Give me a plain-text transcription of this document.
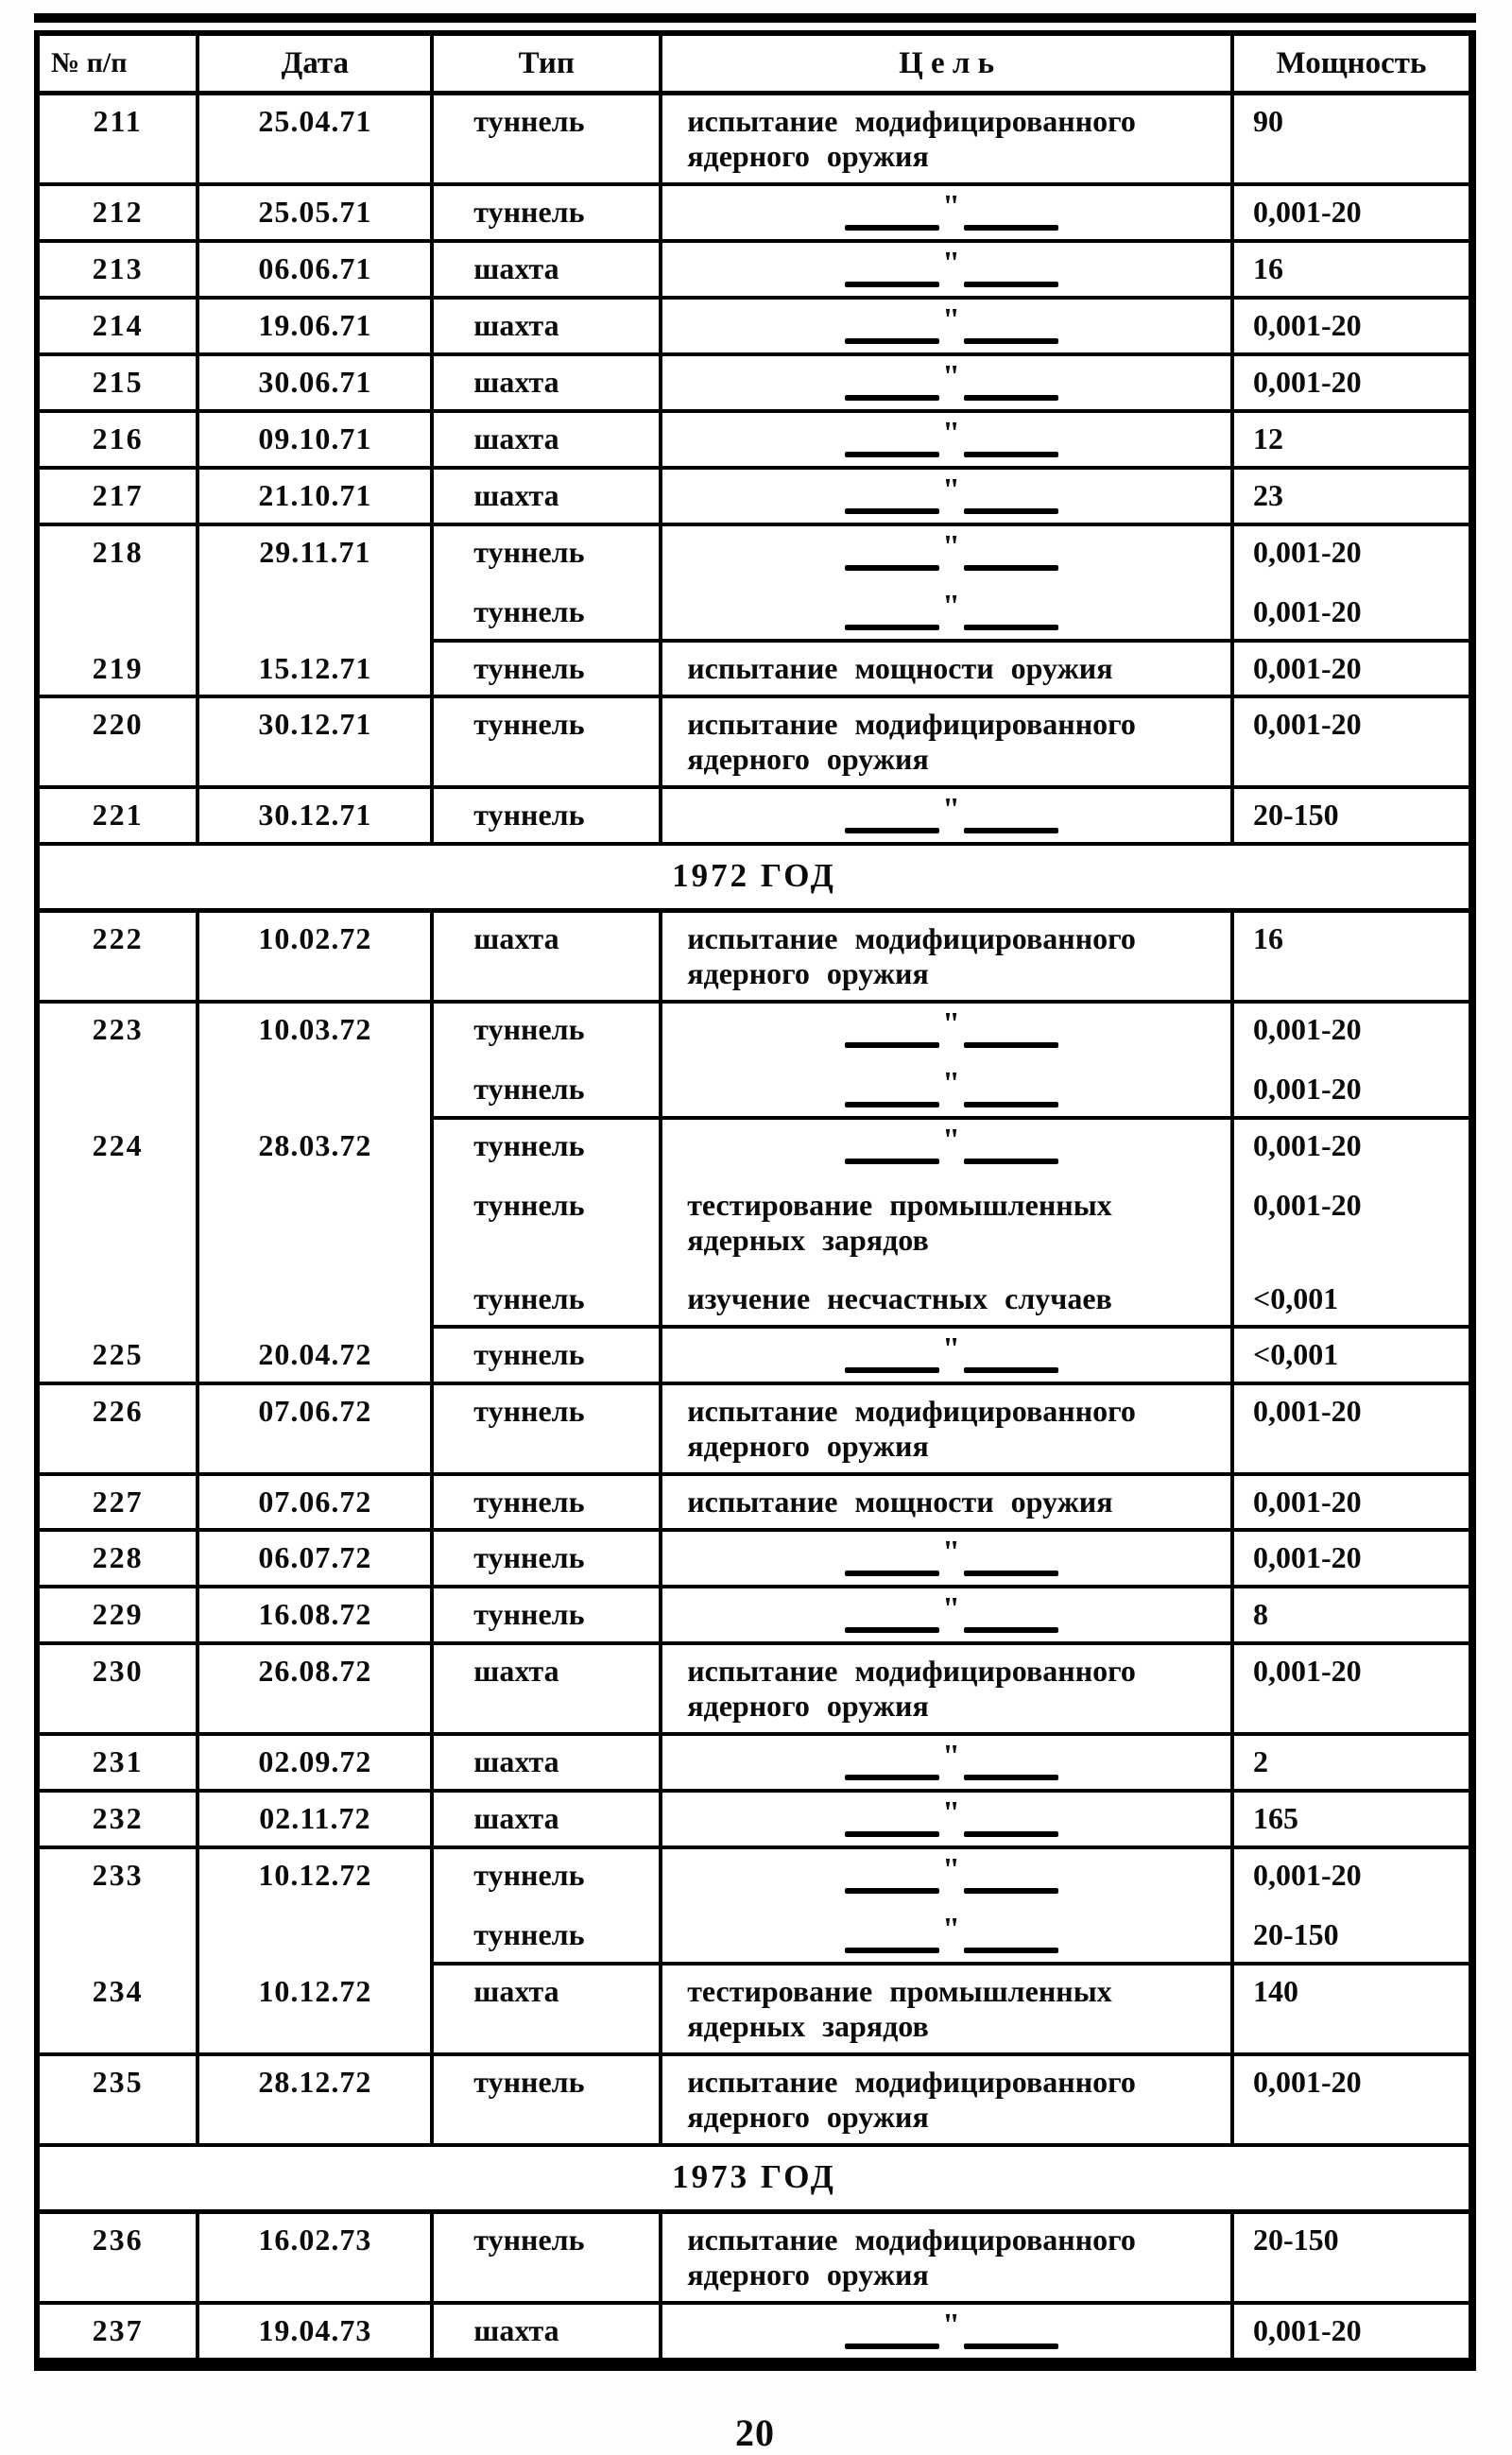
№ п/п	Дата	Тип	Ц е л ь	Мощность
211	25.04.71	туннель	испытание модифицированного ядерного оружия	90
212	25.05.71	туннель	"	0,001-20
213	06.06.71	шахта	"	16
214	19.06.71	шахта	"	0,001-20
215	30.06.71	шахта	"	0,001-20
216	09.10.71	шахта	"	12
217	21.10.71	шахта	"	23
218	29.11.71	туннель	"	0,001-20
		туннель	"	0,001-20
219	15.12.71	туннель	испытание мощности оружия	0,001-20
220	30.12.71	туннель	испытание модифицированного ядерного оружия	0,001-20
221	30.12.71	туннель	"	20-150
1972 ГОД				
222	10.02.72	шахта	испытание модифицированного ядерного оружия	16
223	10.03.72	туннель	"	0,001-20
		туннель	"	0,001-20
224	28.03.72	туннель	"	0,001-20
		туннель	тестирование промышленных ядерных зарядов	0,001-20
		туннель	изучение несчастных случаев	<0,001
225	20.04.72	туннель	"	<0,001
226	07.06.72	туннель	испытание модифицированного ядерного оружия	0,001-20
227	07.06.72	туннель	испытание мощности оружия	0,001-20
228	06.07.72	туннель	"	0,001-20
229	16.08.72	туннель	"	8
230	26.08.72	шахта	испытание модифицированного ядерного оружия	0,001-20
231	02.09.72	шахта	"	2
232	02.11.72	шахта	"	165
233	10.12.72	туннель	"	0,001-20
		туннель	"	20-150
234	10.12.72	шахта	тестирование промышленных ядерных зарядов	140
235	28.12.72	туннель	испытание модифицированного ядерного оружия	0,001-20
1973 ГОД				
236	16.02.73	туннель	испытание модифицированного ядерного оружия	20-150
237	19.04.73	шахта	"	0,001-20
20
